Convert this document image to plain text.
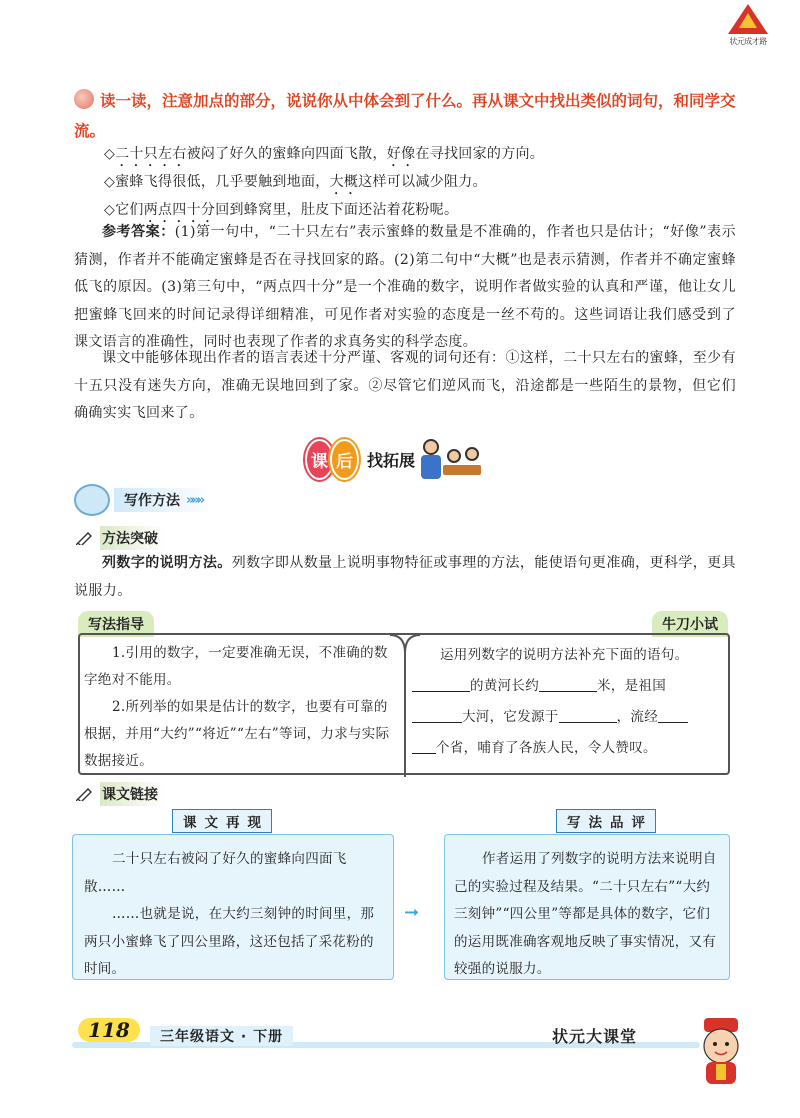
状元成才路
读一读，注意加点的部分，说说你从中体会到了什么。再从课文中找出类似的词句，和同学交流。
◇二十只左右被闷了好久的蜜蜂向四面飞散，好像在寻找回家的方向。
◇蜜蜂飞得很低，几乎要触到地面，大概这样可以减少阻力。
◇它们两点四十分回到蜂窝里，肚皮下面还沾着花粉呢。
参考答案：(1)第一句中，“二十只左右”表示蜜蜂的数量是不准确的，作者也只是估计；“好像”表示猜测，作者并不能确定蜜蜂是否在寻找回家的路。(2)第二句中“大概”也是表示猜测，作者并不确定蜜蜂低飞的原因。(3)第三句中，“两点四十分”是一个准确的数字，说明作者做实验的认真和严谨，他让女儿把蜜蜂飞回来的时间记录得详细精准，可见作者对实验的态度是一丝不苟的。这些词语让我们感受到了课文语言的准确性，同时也表现了作者的求真务实的科学态度。
课文中能够体现出作者的语言表述十分严谨、客观的词句还有：①这样，二十只左右的蜜蜂，至少有十五只没有迷失方向，准确无误地回到了家。②尽管它们逆风而飞，沿途都是一些陌生的景物，但它们确确实实飞回来了。
课 后 找拓展
写作方法 »»»
方法突破
列数字的说明方法。列数字即从数量上说明事物特征或事理的方法，能使语句更准确，更科学，更具说服力。
写法指导	牛刀小试
1.引用的数字，一定要准确无误，不准确的数字绝对不能用。
2.所列举的如果是估计的数字，也要有可靠的根据，并用“大约”“将近”“左右”等词，力求与实际数据接近。
运用列数字的说明方法补充下面的语句。
的黄河长约	米，是祖国
大河，它发源于	，流经
个省，哺育了各族人民，令人赞叹。
课文链接
课文再现
二十只左右被闷了好久的蜜蜂向四面飞散……
……也就是说，在大约三刻钟的时间里，那两只小蜜蜂飞了四公里路，这还包括了采花粉的时间。
➞
写法品评
作者运用了列数字的说明方法来说明自己的实验过程及结果。“二十只左右”“大约三刻钟”“四公里”等都是具体的数字，它们的运用既准确客观地反映了事实情况，又有较强的说服力。
118	三年级语文 · 下册	状元大课堂
